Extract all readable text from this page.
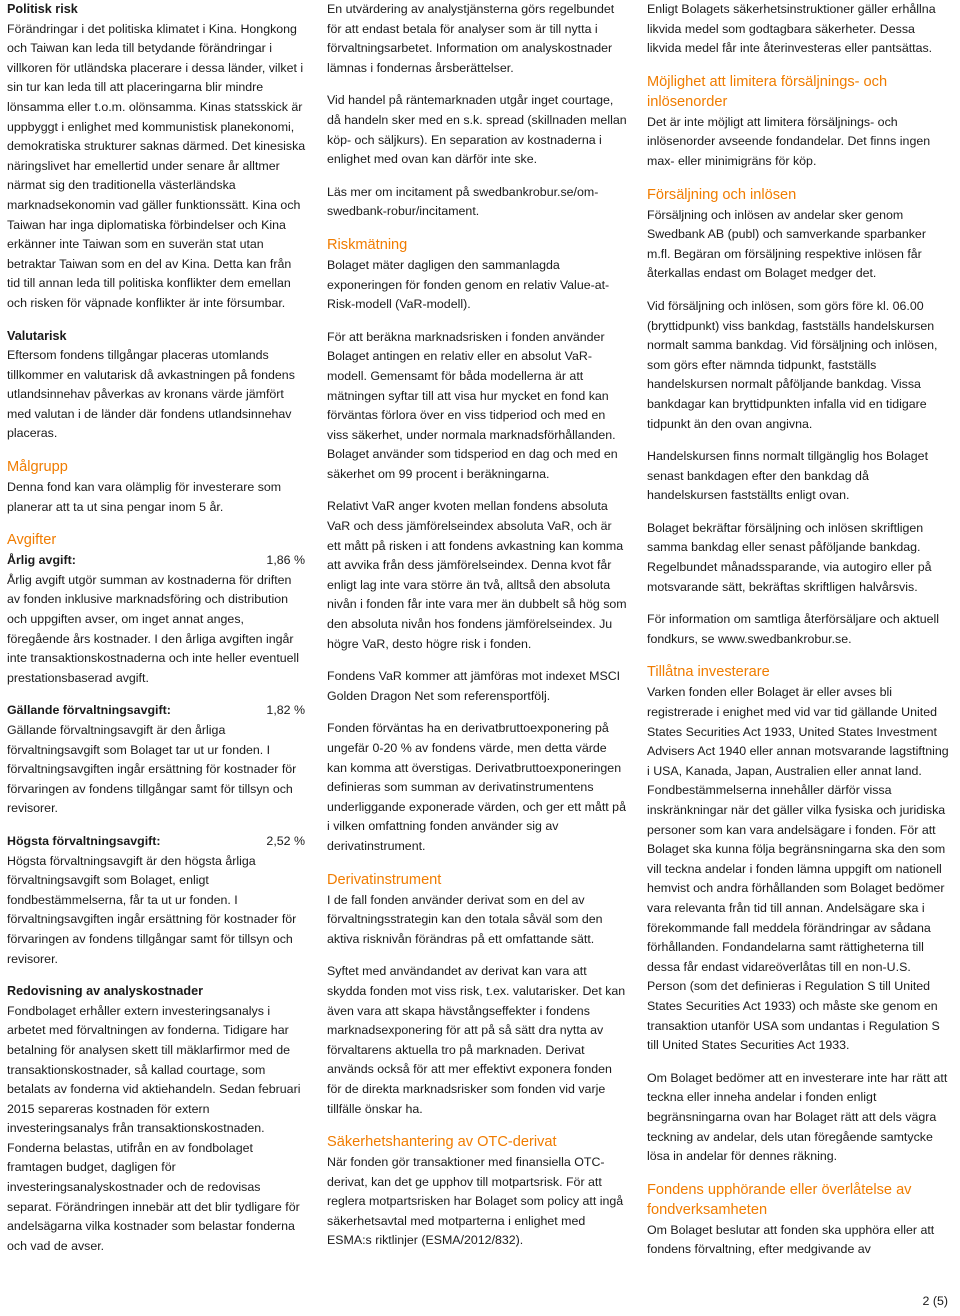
Politisk risk

Förändringar i det politiska klimatet i Kina. Hongkong och Taiwan kan leda till betydande förändringar i villkoren för utländska placerare i dessa länder, vilket i sin tur kan leda till att placeringarna blir mindre lönsamma eller t.o.m. olönsamma. Kinas statsskick är uppbyggt i enlighet med kommunistisk planekonomi, demokratiska strukturer saknas därmed. Det kinesiska näringslivet har emellertid under senare år alltmer närmat sig den traditionella västerländska marknadsekonomin vad gäller funktionssätt. Kina och Taiwan har inga diplomatiska förbindelser och Kina erkänner inte Taiwan som en suverän stat utan betraktar Taiwan som en del av Kina. Detta kan från tid till annan leda till politiska konflikter dem emellan och risken för väpnade konflikter är inte försumbar.

Valutarisk

Eftersom fondens tillgångar placeras utomlands tillkommer en valutarisk då avkastningen på fondens utlandsinnehav påverkas av kronans värde jämfört med valutan i de länder där fondens utlandsinnehav placeras.

Målgrupp

Denna fond kan vara olämplig för investerare som planerar att ta ut sina pengar inom 5 år.

Avgifter
Årlig avgift:	1,86 %

Årlig avgift utgör summan av kostnaderna för driften av fonden inklusive marknadsföring och distribution och uppgiften avser, om inget annat anges, föregående års kostnader. I den årliga avgiften ingår inte transaktionskostnaderna och inte heller eventuell prestationsbaserad avgift.

Gällande förvaltningsavgift:	1,82 %

Gällande förvaltningsavgift är den årliga förvaltningsavgift som Bolaget tar ut ur fonden. I förvaltningsavgiften ingår ersättning för kostnader för förvaringen av fondens tillgångar samt för tillsyn och revisorer.

Högsta förvaltningsavgift:	2,52 %

Högsta förvaltningsavgift är den högsta årliga förvaltningsavgift som Bolaget, enligt fondbestämmelserna, får ta ut ur fonden. I förvaltningsavgiften ingår ersättning för kostnader för förvaringen av fondens tillgångar samt för tillsyn och revisorer.

Redovisning av analyskostnader

Fondbolaget erhåller extern investeringsanalys i arbetet med förvaltningen av fonderna. Tidigare har betalning för analysen skett till mäklarfirmor med de transaktionskostnader, så kallad courtage, som betalats av fonderna vid aktiehandeln. Sedan februari 2015 separeras kostnaden för extern investeringsanalys från transaktionskostnaden. Fonderna belastas, utifrån en av fondbolaget framtagen budget, dagligen för investeringsanalyskostnader och de redovisas separat. Förändringen innebär att det blir tydligare för andelsägarna vilka kostnader som belastar fonderna och vad de avser.

En utvärdering av analystjänsterna görs regelbundet för att endast betala för analyser som är till nytta i förvaltningsarbetet. Information om analyskostnader lämnas i fondernas årsberättelser.

Vid handel på räntemarknaden utgår inget courtage, då handeln sker med en s.k. spread (skillnaden mellan köp- och säljkurs). En separation av kostnaderna i enlighet med ovan kan därför inte ske.

Läs mer om incitament på swedbankrobur.se/om-swedbank-robur/incitament.

Riskmätning

Bolaget mäter dagligen den sammanlagda exponeringen för fonden genom en relativ Value-at-Risk-modell (VaR-modell).

För att beräkna marknadsrisken i fonden använder Bolaget antingen en relativ eller en absolut VaR-modell. Gemensamt för båda modellerna är att mätningen syftar till att visa hur mycket en fond kan förväntas förlora över en viss tidperiod och med en viss säkerhet, under normala marknadsförhållanden. Bolaget använder som tidsperiod en dag och med en säkerhet om 99 procent i beräkningarna.

Relativt VaR anger kvoten mellan fondens absoluta VaR och dess jämförelseindex absoluta VaR, och är ett mått på risken i att fondens avkastning kan komma att avvika från dess jämförelseindex. Denna kvot får enligt lag inte vara större än två, alltså den absoluta nivån i fonden får inte vara mer än dubbelt så hög som den absoluta nivån hos fondens jämförelseindex. Ju högre VaR, desto högre risk i fonden.

Fondens VaR kommer att jämföras mot indexet MSCI Golden Dragon Net som referensportfölj.

Fonden förväntas ha en derivatbruttoexponering på ungefär 0-20 % av fondens värde, men detta värde kan komma att överstigas. Derivatbruttoexponeringen definieras som summan av derivatinstrumentens underliggande exponerade värden, och ger ett mått på i vilken omfattning fonden använder sig av derivatinstrument.

Derivatinstrument

I de fall fonden använder derivat som en del av förvaltningsstrategin kan den totala såväl som den aktiva risknivån förändras på ett omfattande sätt.

Syftet med användandet av derivat kan vara att skydda fonden mot viss risk, t.ex. valutarisker. Det kan även vara att skapa hävstångseffekter i fondens marknadsexponering för att på så sätt dra nytta av förvaltarens aktuella tro på marknaden. Derivat används också för att mer effektivt exponera fonden för de direkta marknadsrisker som fonden vid varje tillfälle önskar ha.

Säkerhetshantering av OTC-derivat

När fonden gör transaktioner med finansiella OTC-derivat, kan det ge upphov till motpartsrisk. För att reglera motpartsrisken har Bolaget som policy att ingå säkerhetsavtal med motparterna i enlighet med ESMA:s riktlinjer (ESMA/2012/832).

Enligt Bolagets säkerhetsinstruktioner gäller erhållna likvida medel som godtagbara säkerheter. Dessa likvida medel får inte återinvesteras eller pantsättas.

Möjlighet att limitera försäljnings- och inlösenorder

Det är inte möjligt att limitera försäljnings- och inlösenorder avseende fondandelar. Det finns ingen max- eller minimigräns för köp.

Försäljning och inlösen

Försäljning och inlösen av andelar sker genom Swedbank AB (publ) och samverkande sparbanker m.fl. Begäran om försäljning respektive inlösen får återkallas endast om Bolaget medger det.

Vid försäljning och inlösen, som görs före kl. 06.00 (bryttidpunkt) viss bankdag, fastställs handelskursen normalt samma bankdag. Vid försäljning och inlösen, som görs efter nämnda tidpunkt, fastställs handelskursen normalt påföljande bankdag. Vissa bankdagar kan bryttidpunkten infalla vid en tidigare tidpunkt än den ovan angivna.

Handelskursen finns normalt tillgänglig hos Bolaget senast bankdagen efter den bankdag då handelskursen fastställts enligt ovan.

Bolaget bekräftar försäljning och inlösen skriftligen samma bankdag eller senast påföljande bankdag. Regelbundet månadssparande, via autogiro eller på motsvarande sätt, bekräftas skriftligen halvårsvis.

För information om samtliga återförsäljare och aktuell fondkurs, se www.swedbankrobur.se.

Tillåtna investerare

Varken fonden eller Bolaget är eller avses bli registrerade i enighet med vid var tid gällande United States Securities Act 1933, United States Investment Advisers Act 1940 eller annan motsvarande lagstiftning i USA, Kanada, Japan, Australien eller annat land. Fondbestämmelserna innehåller därför vissa inskränkningar när det gäller vilka fysiska och juridiska personer som kan vara andelsägare i fonden. För att Bolaget ska kunna följa begränsningarna ska den som vill teckna andelar i fonden lämna uppgift om nationell hemvist och andra förhållanden som Bolaget bedömer vara relevanta från tid till annan. Andelsägare ska i förekommande fall meddela förändringar av sådana förhållanden. Fondandelarna samt rättigheterna till dessa får endast vidareöverlåtas till en non-U.S. Person (som det definieras i Regulation S till United States Securities Act 1933) och måste ske genom en transaktion utanför USA som undantas i Regulation S till United States Securities Act 1933.

Om Bolaget bedömer att en investerare inte har rätt att teckna eller inneha andelar i fonden enligt begränsningarna ovan har Bolaget rätt att dels vägra teckning av andelar, dels utan föregående samtycke lösa in andelar för dennes räkning.

Fondens upphörande eller överlåtelse av fondverksamheten

Om Bolaget beslutar att fonden ska upphöra eller att fondens förvaltning, efter medgivande av

2 (5)
